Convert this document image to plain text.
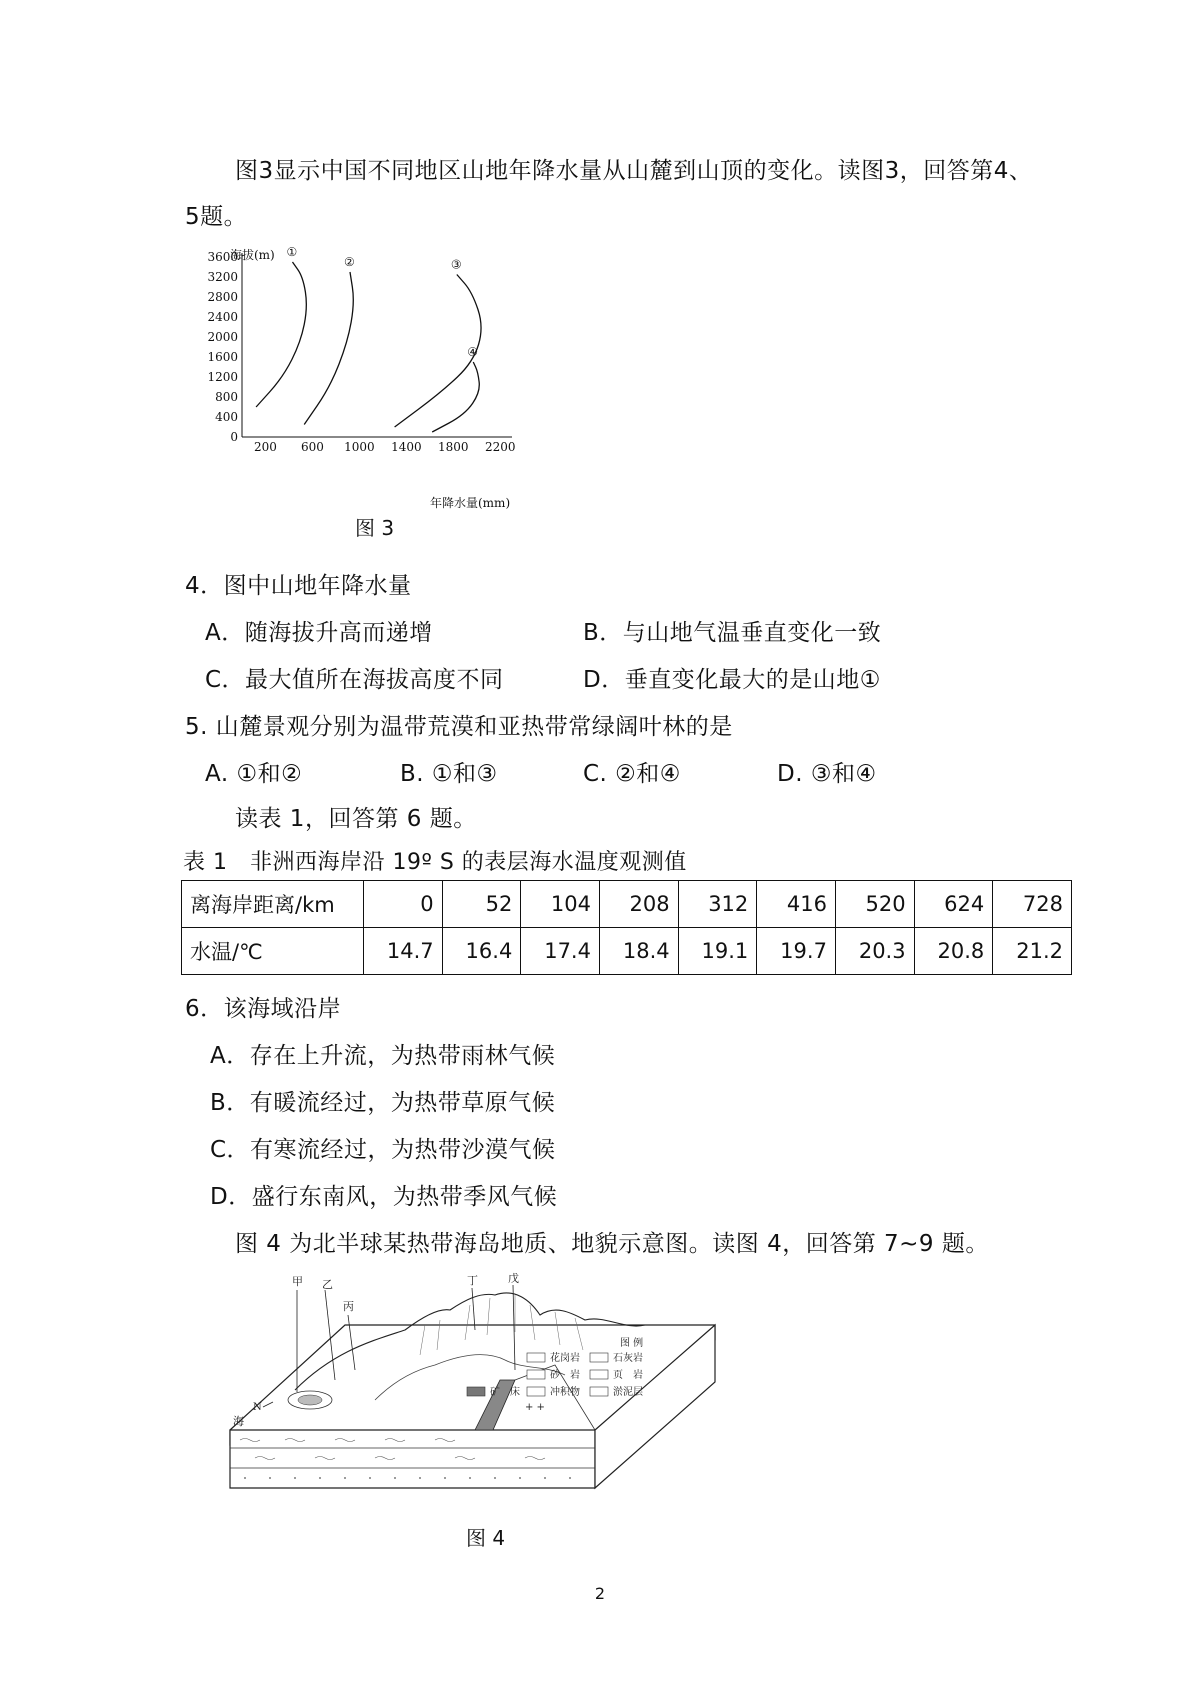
图3显示中国不同地区山地年降水量从山麓到山顶的变化。读图3，回答第4、
5题。
0
400
800
1200
1600
2000
2400
2800
3200
3600
200 600 1000 1400 1800 2200
①
②	③
④
海拔(m)
年降水量(mm)
图 3
4．图中山地年降水量
A．随海拔升高而递增	B．与山地气温垂直变化一致
C．最大值所在海拔高度不同	D．垂直变化最大的是山地①
5. 山麓景观分别为温带荒漠和亚热带常绿阔叶林的是
A. ①和②	B. ①和③	C. ②和④	D. ③和④
读表 1，回答第 6 题。
表 1　非洲西海岸沿 19º S 的表层海水温度观测值
离海岸距离/km	0	52	104	208	312	416	520	624	728
水温/℃	14.7	16.4	17.4	18.4	19.1	19.7	20.3	20.8	21.2
6．该海域沿岸
A．存在上升流，为热带雨林气候
B．有暖流经过，为热带草原气候
C．有寒流经过，为热带沙漠气候
D．盛行东南风，为热带季风气候
图 4 为北半球某热带海岛地质、地貌示意图。读图 4，回答第 7~9 题。
+ +
甲 乙
丙
丁	戊
海
N
图 例
花岗岩	石灰岩
砂　岩	页　岩
矿　床	冲积物	淤泥层
图 4
2
